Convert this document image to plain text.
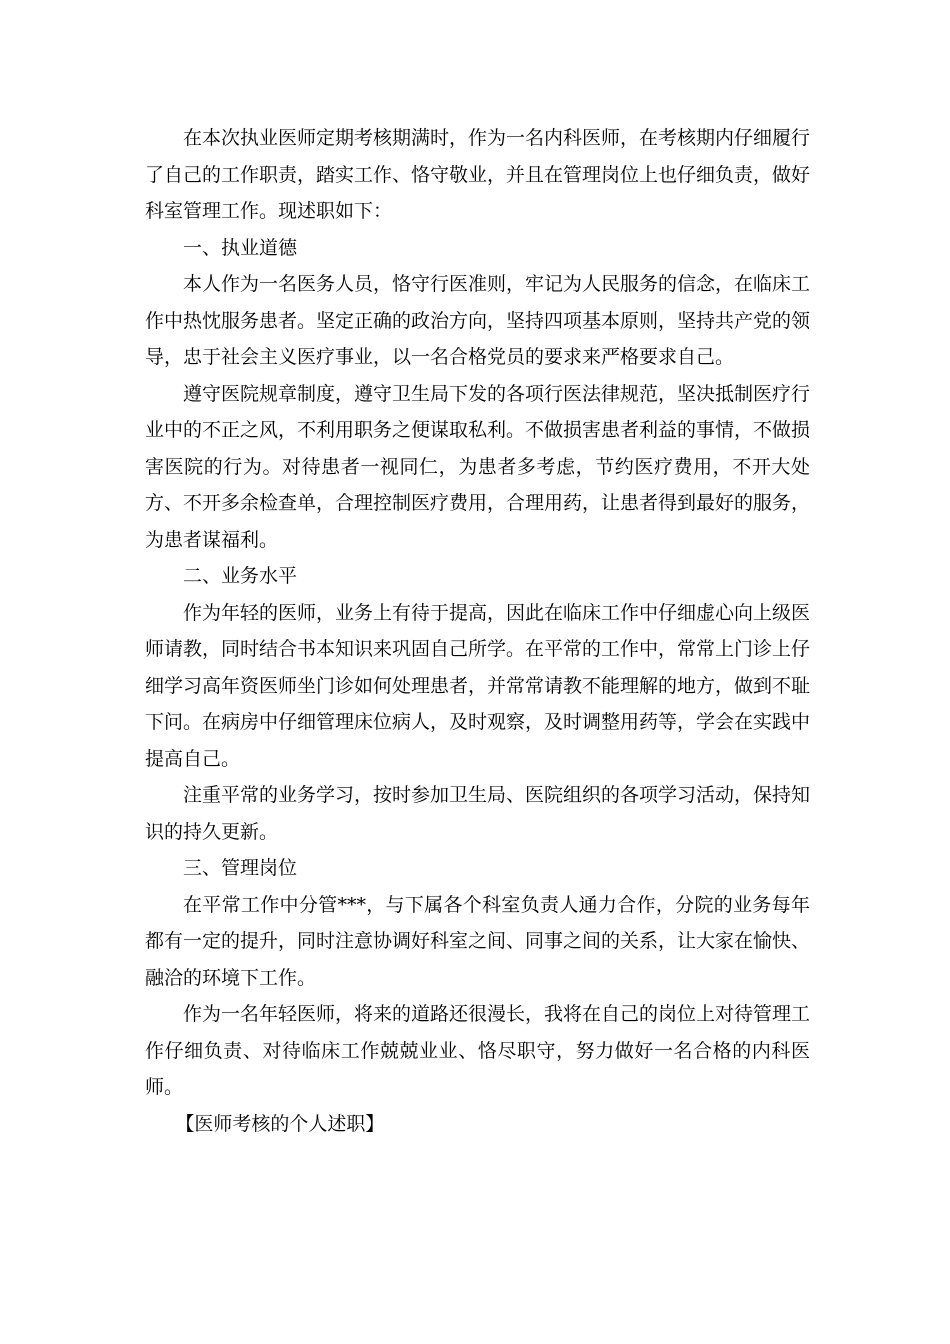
在本次执业医师定期考核期满时，作为一名内科医师，在考核期内仔细履行了自己的工作职责，踏实工作、恪守敬业，并且在管理岗位上也仔细负责，做好科室管理工作。现述职如下：

一、执业道德

本人作为一名医务人员，恪守行医准则，牢记为人民服务的信念，在临床工作中热忱服务患者。坚定正确的政治方向，坚持四项基本原则，坚持共产党的领导，忠于社会主义医疗事业，以一名合格党员的要求来严格要求自己。

遵守医院规章制度，遵守卫生局下发的各项行医法律规范，坚决抵制医疗行业中的不正之风，不利用职务之便谋取私利。不做损害患者利益的事情，不做损害医院的行为。对待患者一视同仁，为患者多考虑，节约医疗费用，不开大处方、不开多余检查单，合理控制医疗费用，合理用药，让患者得到最好的服务，为患者谋福利。

二、业务水平

作为年轻的医师，业务上有待于提高，因此在临床工作中仔细虚心向上级医师请教，同时结合书本知识来巩固自己所学。在平常的工作中，常常上门诊上仔细学习高年资医师坐门诊如何处理患者，并常常请教不能理解的地方，做到不耻下问。在病房中仔细管理床位病人，及时观察，及时调整用药等，学会在实践中提高自己。

注重平常的业务学习，按时参加卫生局、医院组织的各项学习活动，保持知识的持久更新。

三、管理岗位

在平常工作中分管***，与下属各个科室负责人通力合作，分院的业务每年都有一定的提升，同时注意协调好科室之间、同事之间的关系，让大家在愉快、融洽的环境下工作。

作为一名年轻医师，将来的道路还很漫长，我将在自己的岗位上对待管理工作仔细负责、对待临床工作兢兢业业、恪尽职守，努力做好一名合格的内科医师。

【医师考核的个人述职】
